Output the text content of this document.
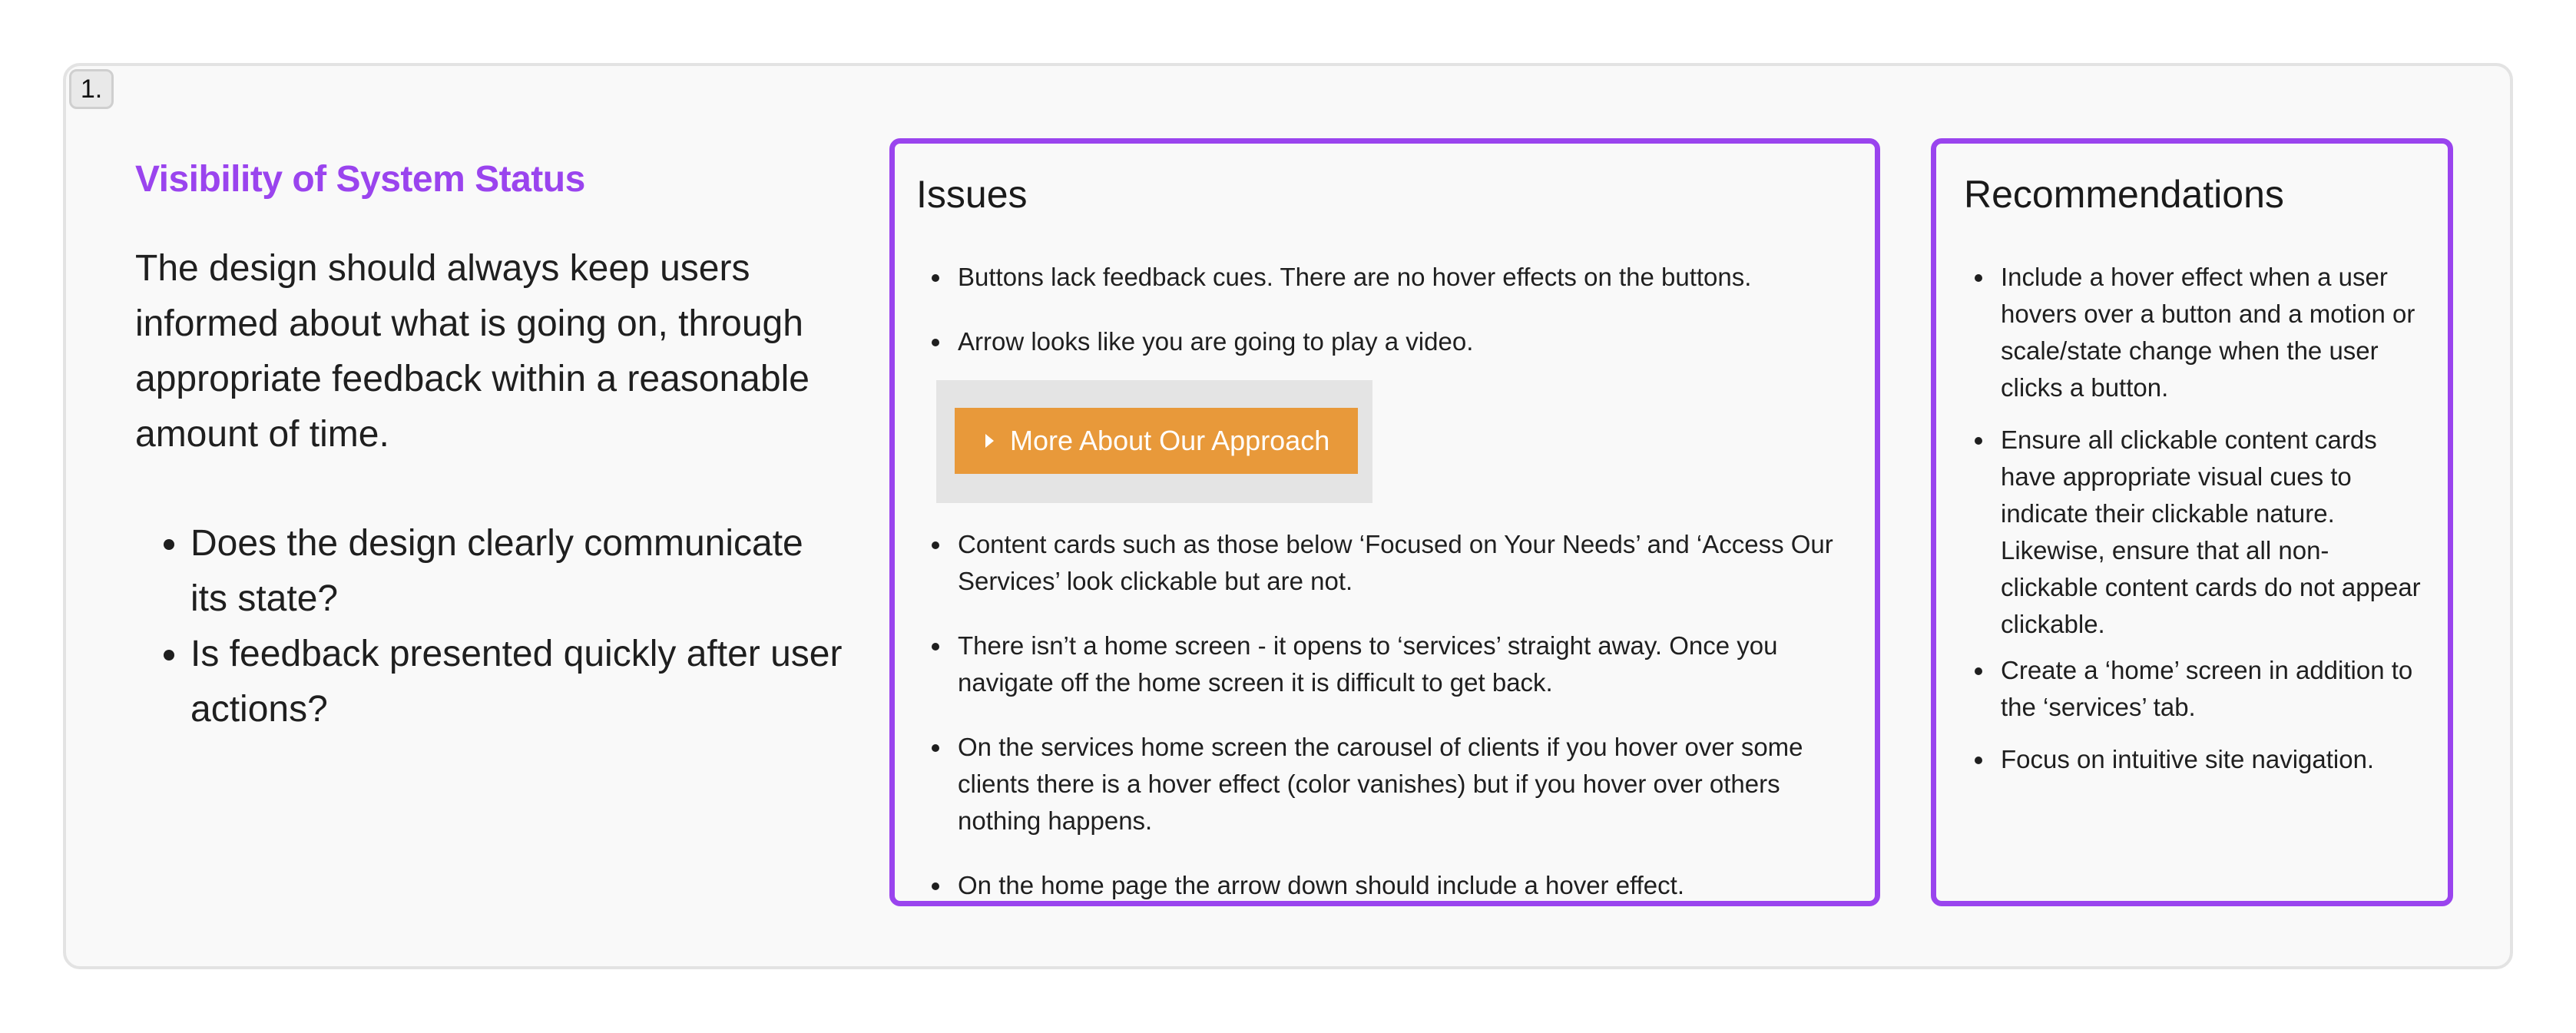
1.
Visibility of System Status

The design should always keep users informed about what is going on, through appropriate feedback within a reasonable amount of time.

• Does the design clearly communicate its state?
• Is feedback presented quickly after user actions?
Issues
Buttons lack feedback cues. There are no hover effects on the buttons.
Arrow looks like you are going to play a video.
More About Our Approach
Content cards such as those below ‘Focused on Your Needs’ and ‘Access Our Services’ look clickable but are not.
There isn’t a home screen - it opens to ‘services’ straight away. Once you navigate off the home screen it is difficult to get back.
On the services home screen the carousel of clients if you hover over some clients there is a hover effect (color vanishes) but if you hover over others nothing happens.
On the home page the arrow down should include a hover effect.
Recommendations
Include a hover effect when a user hovers over a button and a motion or scale/state change when the user clicks a button.
Ensure all clickable content cards have appropriate visual cues to indicate their clickable nature. Likewise, ensure that all non-clickable content cards do not appear clickable.
Create a ‘home’ screen in addition to the ‘services’ tab.
Focus on intuitive site navigation.
